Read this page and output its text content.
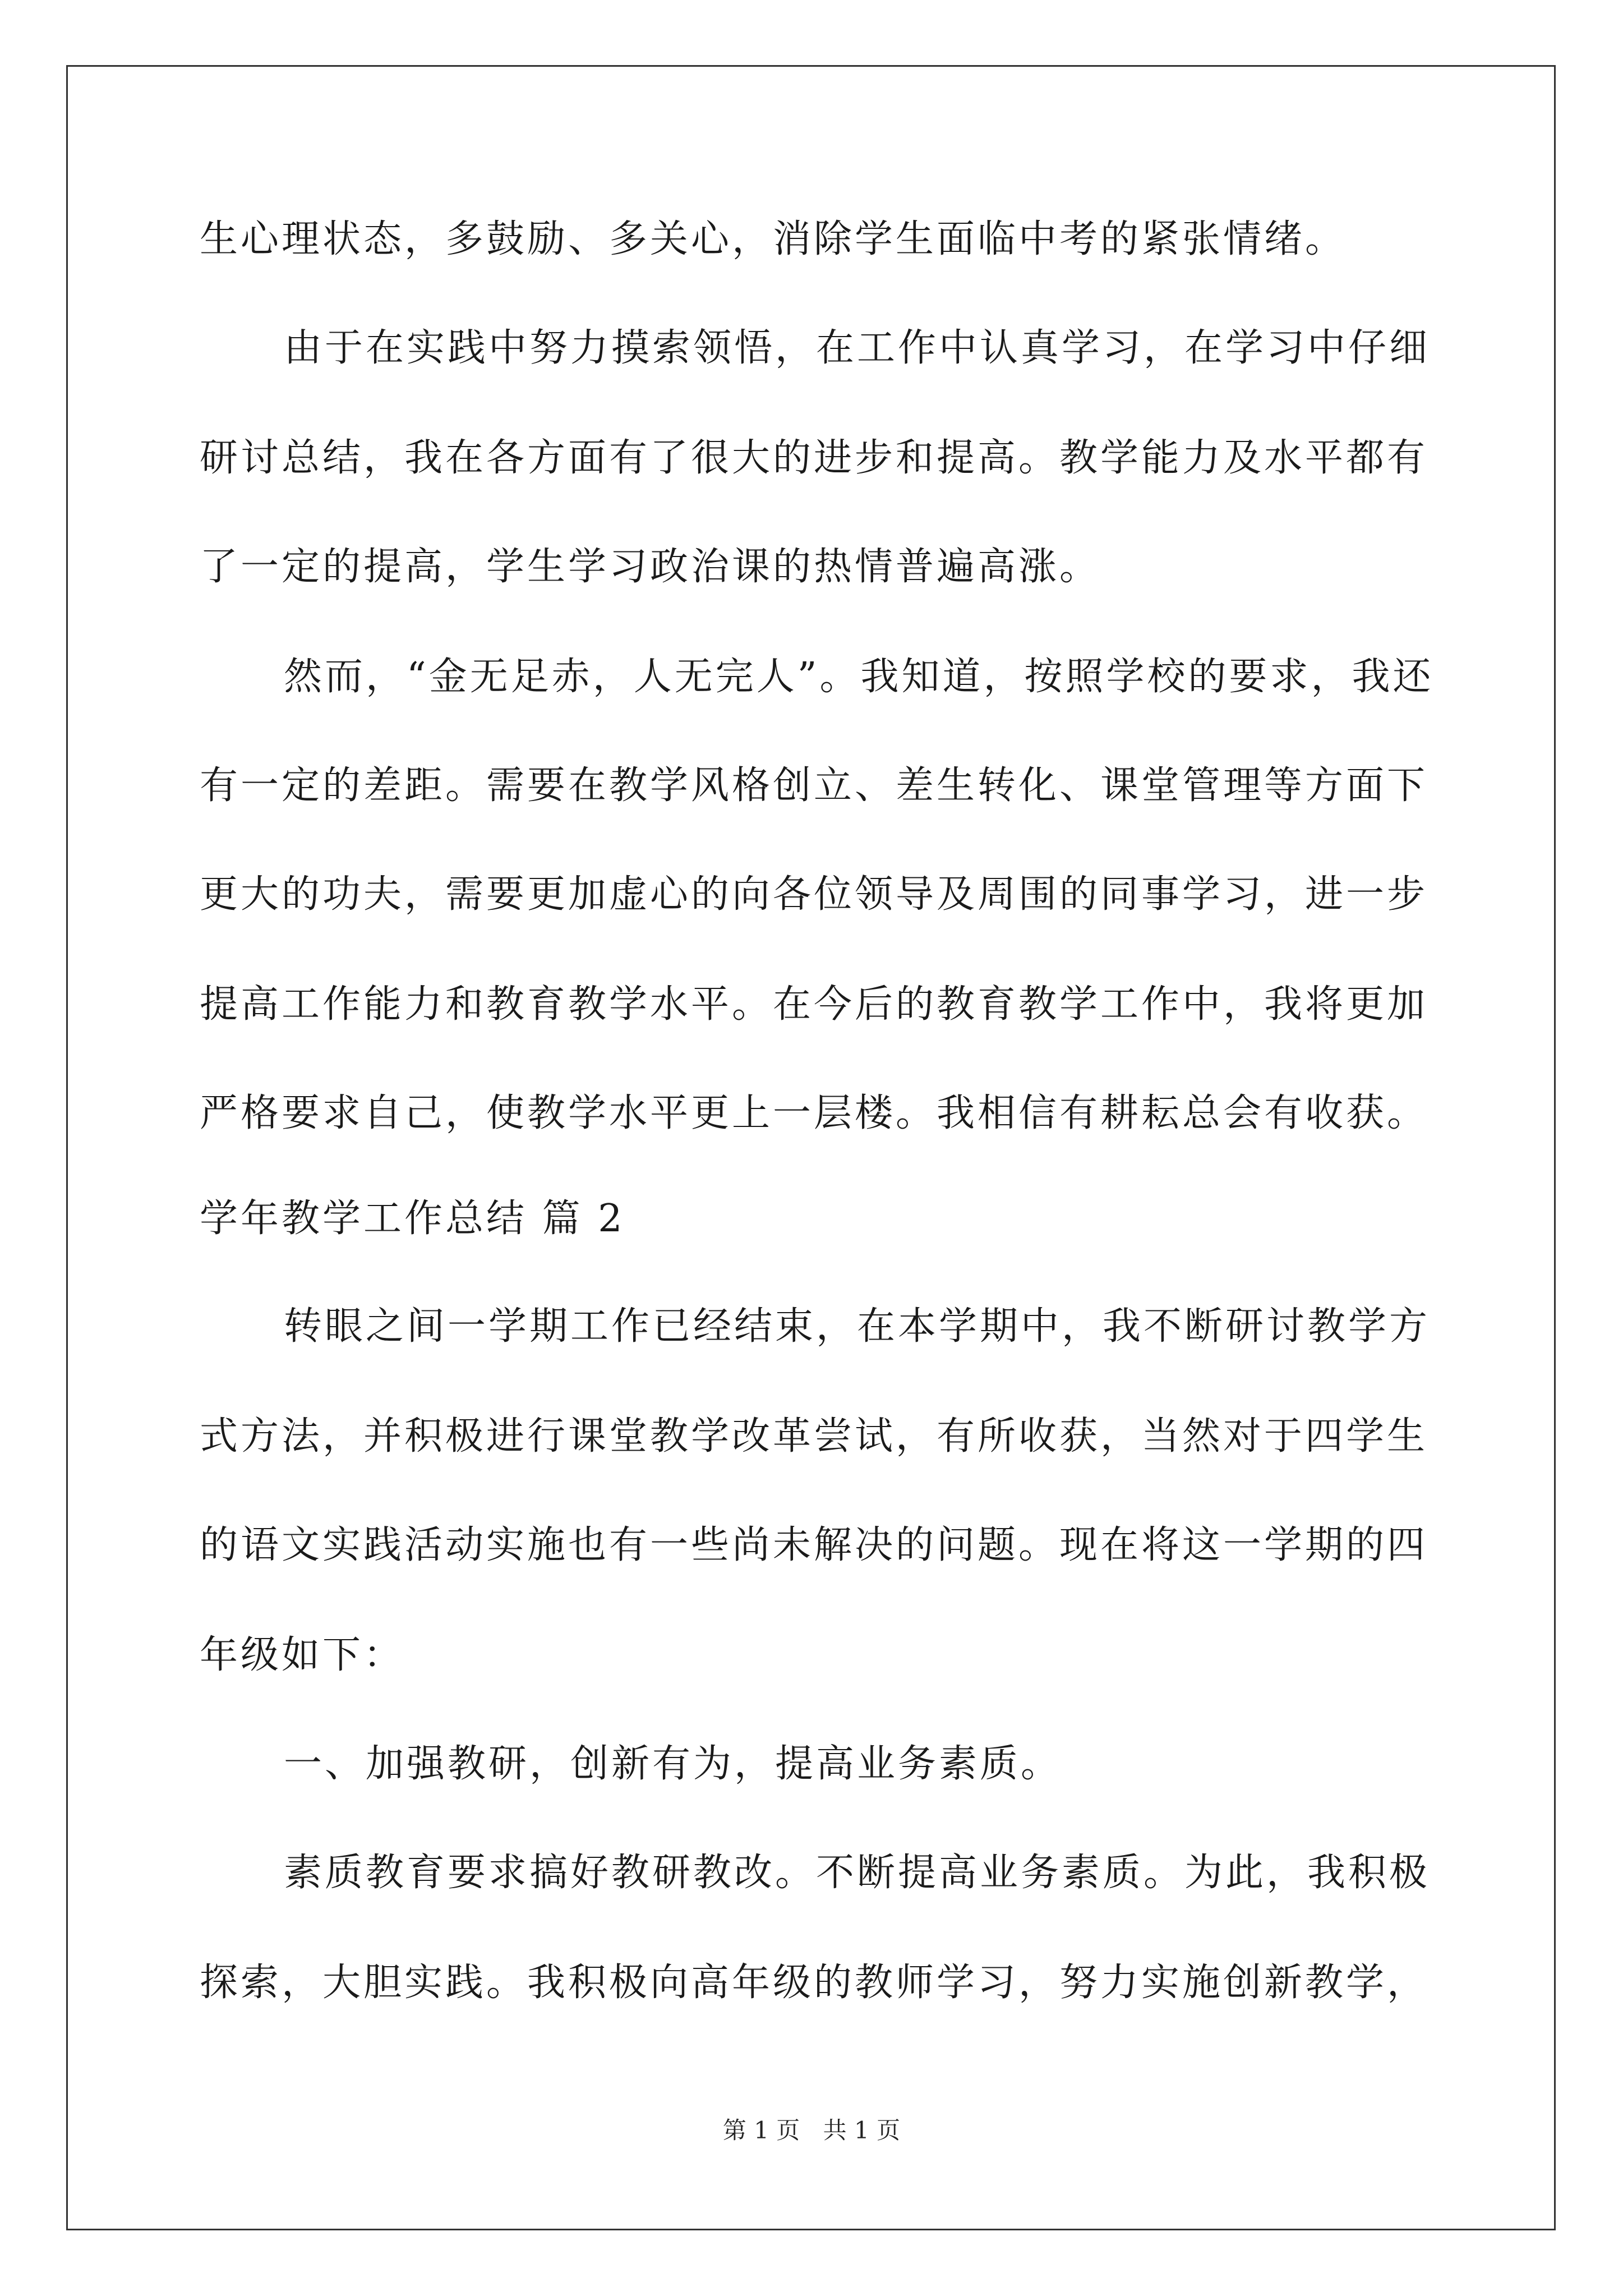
生心理状态，多鼓励、多关心，消除学生面临中考的紧张情绪。
由于在实践中努力摸索领悟，在工作中认真学习，在学习中仔细
研讨总结，我在各方面有了很大的进步和提高。教学能力及水平都有
了一定的提高，学生学习政治课的热情普遍高涨。
然而，“金无足赤，人无完人”。我知道，按照学校的要求，我还
有一定的差距。需要在教学风格创立、差生转化、课堂管理等方面下
更大的功夫，需要更加虚心的向各位领导及周围的同事学习，进一步
提高工作能力和教育教学水平。在今后的教育教学工作中，我将更加
严格要求自己，使教学水平更上一层楼。我相信有耕耘总会有收获。
学年教学工作总结 篇 2
转眼之间一学期工作已经结束，在本学期中，我不断研讨教学方
式方法，并积极进行课堂教学改革尝试，有所收获，当然对于四学生
的语文实践活动实施也有一些尚未解决的问题。现在将这一学期的四
年级如下：
一、加强教研，创新有为，提高业务素质。
素质教育要求搞好教研教改。不断提高业务素质。为此，我积极
探索，大胆实践。我积极向高年级的教师学习，努力实施创新教学，
第 1 页 共 1 页
